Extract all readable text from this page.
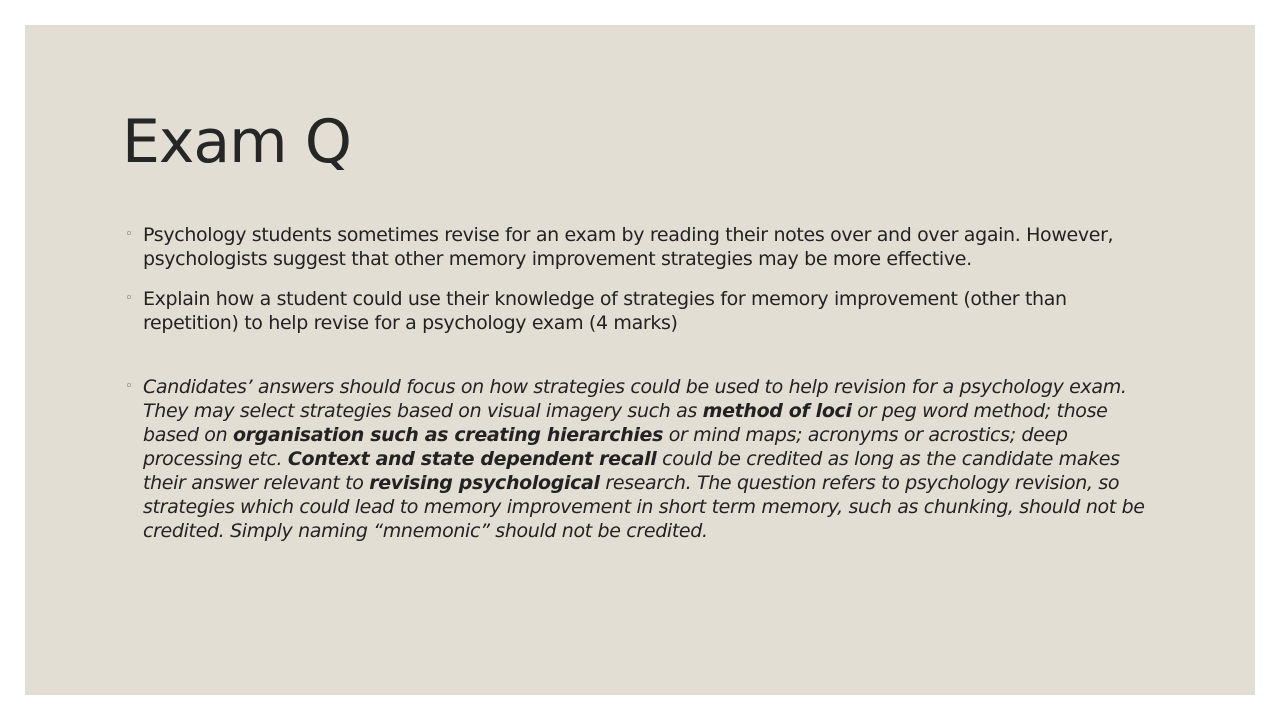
Exam Q
◦ Psychology students sometimes revise for an exam by reading their notes over and over again. However, psychologists suggest that other memory improvement strategies may be more effective.
◦ Explain how a student could use their knowledge of strategies for memory improvement (other than repetition) to help revise for a psychology exam (4 marks)
◦ Candidates’ answers should focus on how strategies could be used to help revision for a psychology exam. They may select strategies based on visual imagery such as method of loci or peg word method; those based on organisation such as creating hierarchies or mind maps; acronyms or acrostics; deep processing etc. Context and state dependent recall could be credited as long as the candidate makes their answer relevant to revising psychological research. The question refers to psychology revision, so strategies which could lead to memory improvement in short term memory, such as chunking, should not be credited. Simply naming “mnemonic” should not be credited.
